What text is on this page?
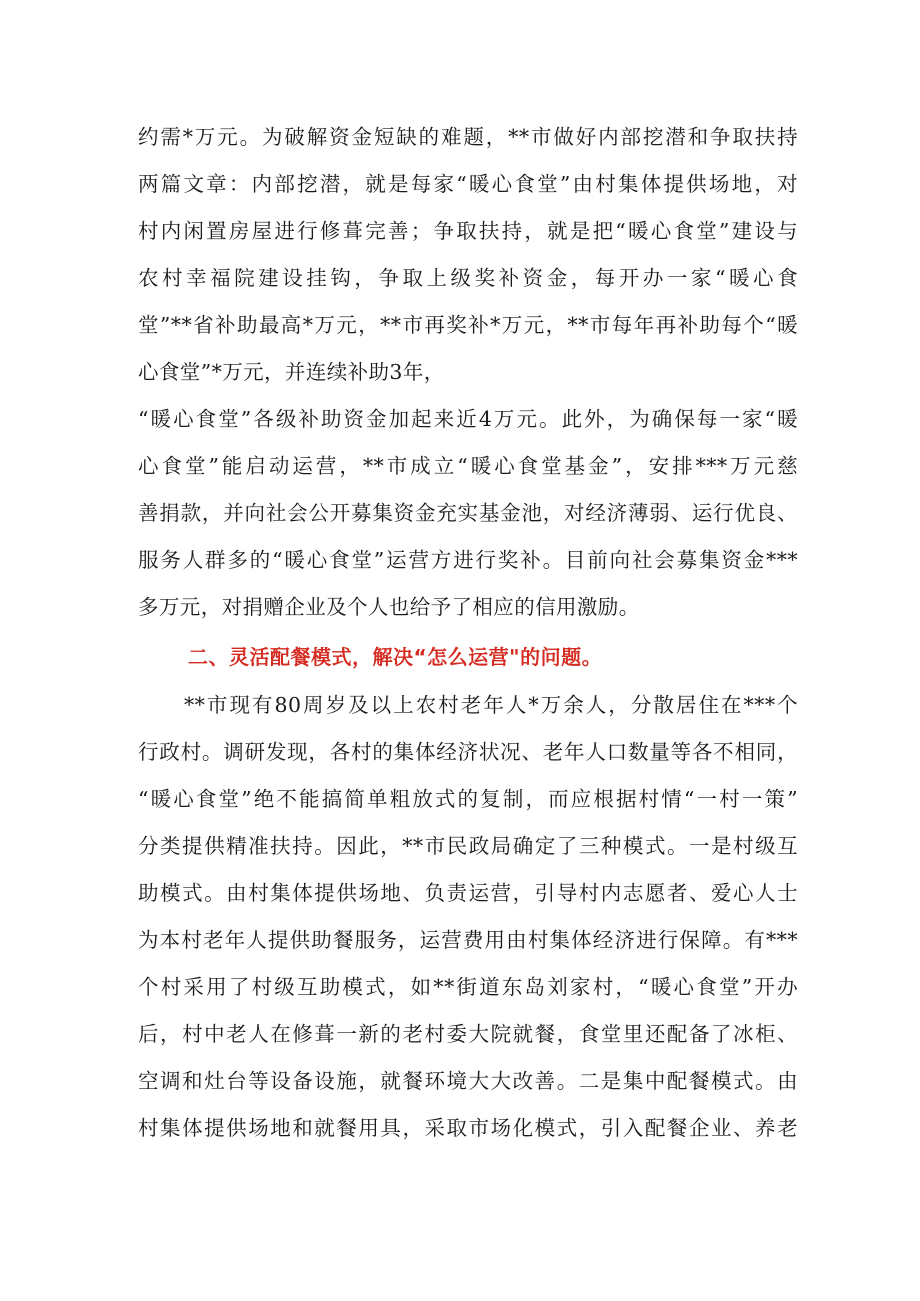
约需*万元。为破解资金短缺的难题，**市做好内部挖潜和争取扶持
两篇文章：内部挖潜，就是每家“暖心食堂”由村集体提供场地，对
村内闲置房屋进行修葺完善；争取扶持，就是把“暖心食堂”建设与
农村幸福院建设挂钩，争取上级奖补资金，每开办一家“暖心食
堂”**省补助最高*万元，**市再奖补*万元，**市每年再补助每个“暖
心食堂”*万元，并连续补助3年，
“暖心食堂”各级补助资金加起来近4万元。此外，为确保每一家“暖
心食堂”能启动运营，**市成立“暖心食堂基金”，安排***万元慈
善捐款，并向社会公开募集资金充实基金池，对经济薄弱、运行优良、
服务人群多的“暖心食堂”运营方进行奖补。目前向社会募集资金***
多万元，对捐赠企业及个人也给予了相应的信用激励。
二、灵活配餐模式，解决“怎么运营"的问题。
**市现有80周岁及以上农村老年人*万余人，分散居住在***个
行政村。调研发现，各村的集体经济状况、老年人口数量等各不相同，
“暖心食堂”绝不能搞简单粗放式的复制，而应根据村情“一村一策”
分类提供精准扶持。因此，**市民政局确定了三种模式。一是村级互
助模式。由村集体提供场地、负责运营，引导村内志愿者、爱心人士
为本村老年人提供助餐服务，运营费用由村集体经济进行保障。有***
个村采用了村级互助模式，如**街道东岛刘家村，“暖心食堂”开办
后，村中老人在修葺一新的老村委大院就餐，食堂里还配备了冰柜、
空调和灶台等设备设施，就餐环境大大改善。二是集中配餐模式。由
村集体提供场地和就餐用具，采取市场化模式，引入配餐企业、养老
